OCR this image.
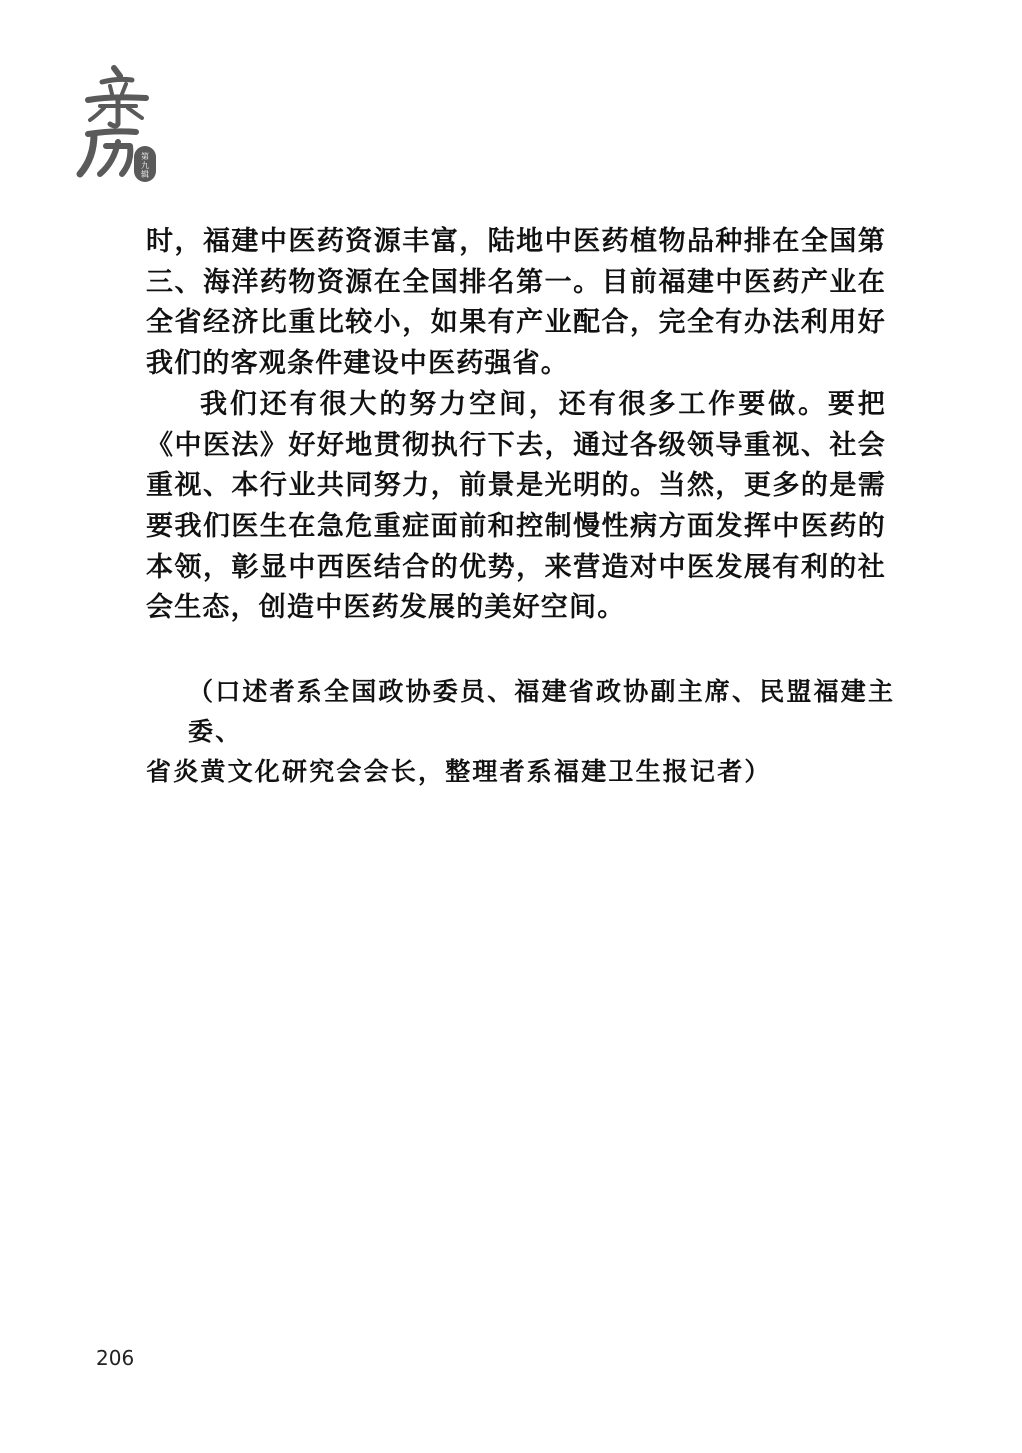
第
九
辑

时，福建中医药资源丰富，陆地中医药植物品种排在全国第三、海洋药物资源在全国排名第一。目前福建中医药产业在全省经济比重比较小，如果有产业配合，完全有办法利用好我们的客观条件建设中医药强省。

我们还有很大的努力空间，还有很多工作要做。要把《中医法》好好地贯彻执行下去，通过各级领导重视、社会重视、本行业共同努力，前景是光明的。当然，更多的是需要我们医生在急危重症面前和控制慢性病方面发挥中医药的本领，彰显中西医结合的优势，来营造对中医发展有利的社会生态，创造中医药发展的美好空间。

（口述者系全国政协委员、福建省政协副主席、民盟福建主委、

省炎黄文化研究会会长，整理者系福建卫生报记者）

206
